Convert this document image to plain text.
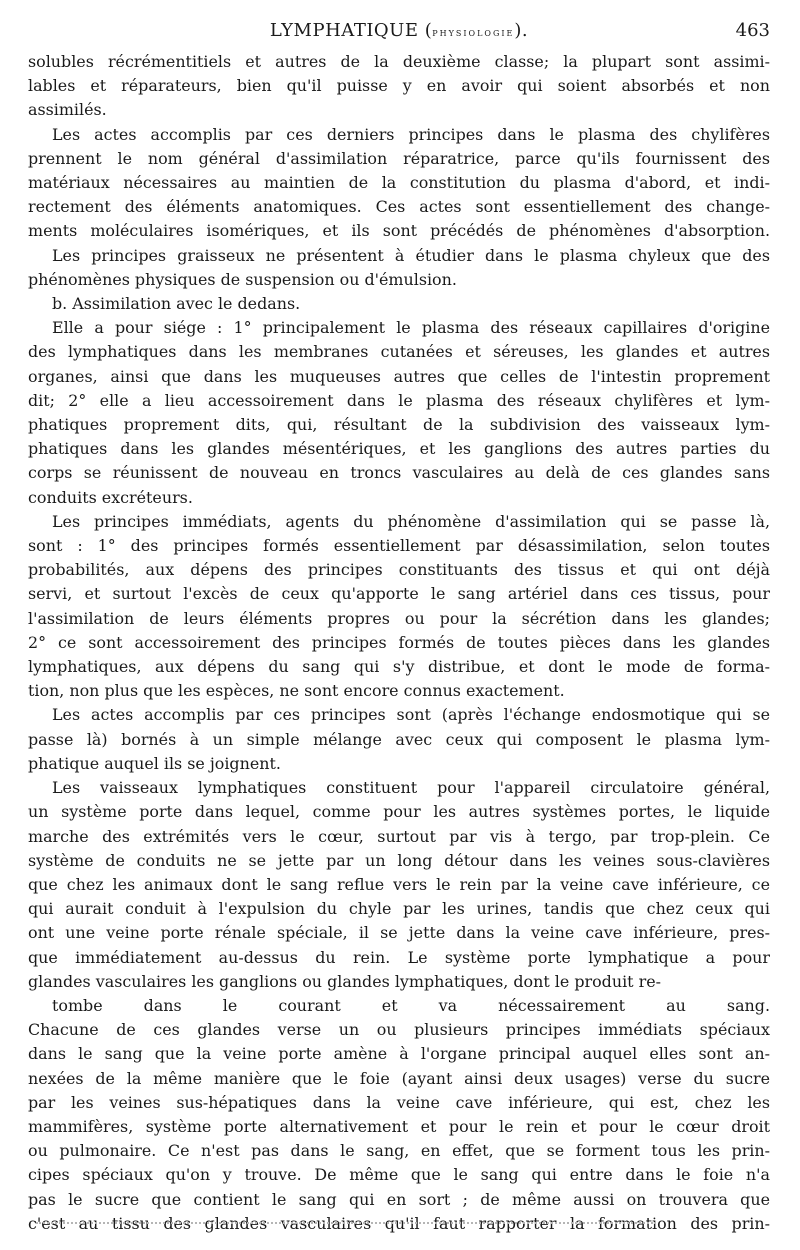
LYMPHATIQUE (physiologie).	463
solubles récrémentitiels et autres de la deuxième classe; la plupart sont assimi-
lables et réparateurs, bien qu'il puisse y en avoir qui soient absorbés et non
assimilés.
Les actes accomplis par ces derniers principes dans le plasma des chylifères
prennent le nom général d'assimilation réparatrice, parce qu'ils fournissent des
matériaux nécessaires au maintien de la constitution du plasma d'abord, et indi-
rectement des éléments anatomiques. Ces actes sont essentiellement des change-
ments moléculaires isomériques, et ils sont précédés de phénomènes d'absorption.
Les principes graisseux ne présentent à étudier dans le plasma chyleux que des
phénomènes physiques de suspension ou d'émulsion.
b. Assimilation avec le dedans.
Elle a pour siége : 1° principalement le plasma des réseaux capillaires d'origine
des lymphatiques dans les membranes cutanées et séreuses, les glandes et autres
organes, ainsi que dans les muqueuses autres que celles de l'intestin proprement
dit; 2° elle a lieu accessoirement dans le plasma des réseaux chylifères et lym-
phatiques proprement dits, qui, résultant de la subdivision des vaisseaux lym-
phatiques dans les glandes mésentériques, et les ganglions des autres parties du
corps se réunissent de nouveau en troncs vasculaires au delà de ces glandes sans
conduits excréteurs.
Les principes immédiats, agents du phénomène d'assimilation qui se passe là,
sont : 1° des principes formés essentiellement par désassimilation, selon toutes
probabilités, aux dépens des principes constituants des tissus et qui ont déjà
servi, et surtout l'excès de ceux qu'apporte le sang artériel dans ces tissus, pour
l'assimilation de leurs éléments propres ou pour la sécrétion dans les glandes;
2° ce sont accessoirement des principes formés de toutes pièces dans les glandes
lymphatiques, aux dépens du sang qui s'y distribue, et dont le mode de forma-
tion, non plus que les espèces, ne sont encore connus exactement.
Les actes accomplis par ces principes sont (après l'échange endosmotique qui se
passe là) bornés à un simple mélange avec ceux qui composent le plasma lym-
phatique auquel ils se joignent.
Les vaisseaux lymphatiques constituent pour l'appareil circulatoire général,
un système porte dans lequel, comme pour les autres systèmes portes, le liquide
marche des extrémités vers le cœur, surtout par vis à tergo, par trop-plein. Ce
système de conduits ne se jette par un long détour dans les veines sous-clavières
que chez les animaux dont le sang reflue vers le rein par la veine cave inférieure, ce
qui aurait conduit à l'expulsion du chyle par les urines, tandis que chez ceux qui
ont une veine porte rénale spéciale, il se jette dans la veine cave inférieure, pres-
que immédiatement au-dessus du rein. Le système porte lymphatique a pour
glandes vasculaires les ganglions ou glandes lymphatiques, dont le produit re-
tombe dans le courant et va nécessairement au sang.
Chacune de ces glandes verse un ou plusieurs principes immédiats spéciaux
dans le sang que la veine porte amène à l'organe principal auquel elles sont an-
nexées de la même manière que le foie (ayant ainsi deux usages) verse du sucre
par les veines sus-hépatiques dans la veine cave inférieure, qui est, chez les
mammifères, système porte alternativement et pour le rein et pour le cœur droit
ou pulmonaire. Ce n'est pas dans le sang, en effet, que se forment tous les prin-
cipes spéciaux qu'on y trouve. De même que le sang qui entre dans le foie n'a
pas le sucre que contient le sang qui en sort ; de même aussi on trouvera que
c'est au tissu des glandes vasculaires qu'il faut rapporter la formation des prin-
